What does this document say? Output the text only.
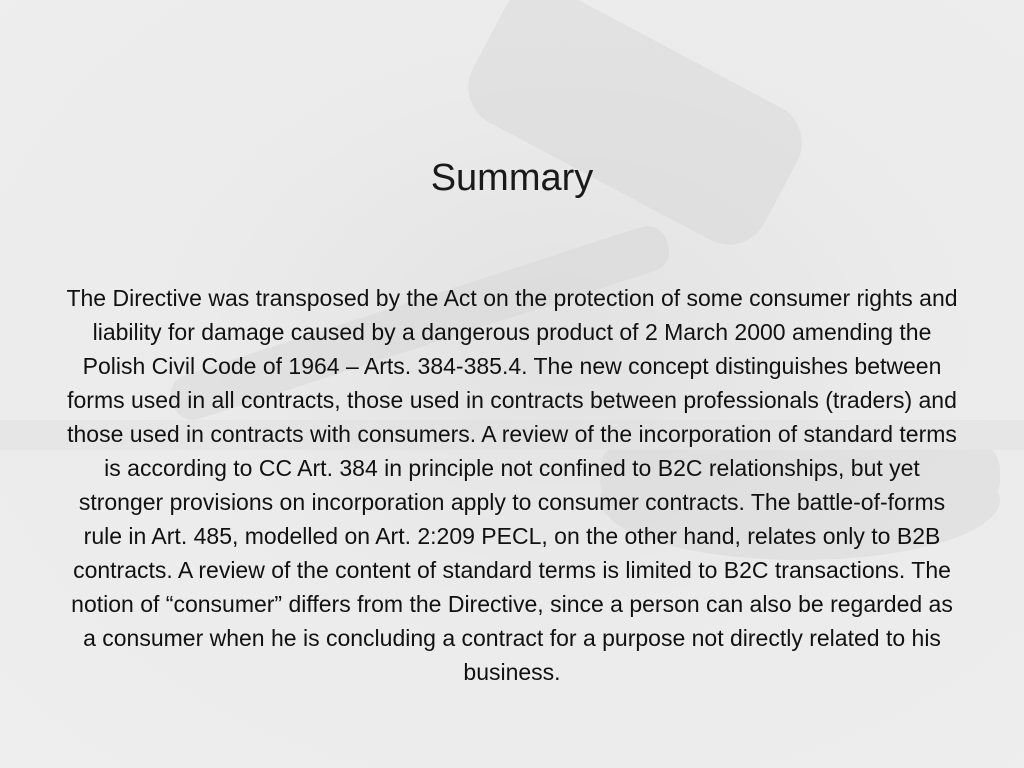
Summary
The Directive was transposed by the Act on the protection of some consumer rights and liability for damage caused by a dangerous product of 2 March 2000 amending the Polish Civil Code of 1964 – Arts. 384-385.4. The new concept distinguishes between forms used in all contracts, those used in contracts between professionals (traders) and those used in contracts with consumers. A review of the incorporation of standard terms is according to CC Art. 384 in principle not confined to B2C relationships, but yet stronger provisions on incorporation apply to consumer contracts. The battle-of-forms rule in Art. 485, modelled on Art. 2:209 PECL, on the other hand, relates only to B2B contracts. A review of the content of standard terms is limited to B2C transactions. The notion of “consumer” differs from the Directive, since a person can also be regarded as a consumer when he is concluding a contract for a purpose not directly related to his business.
